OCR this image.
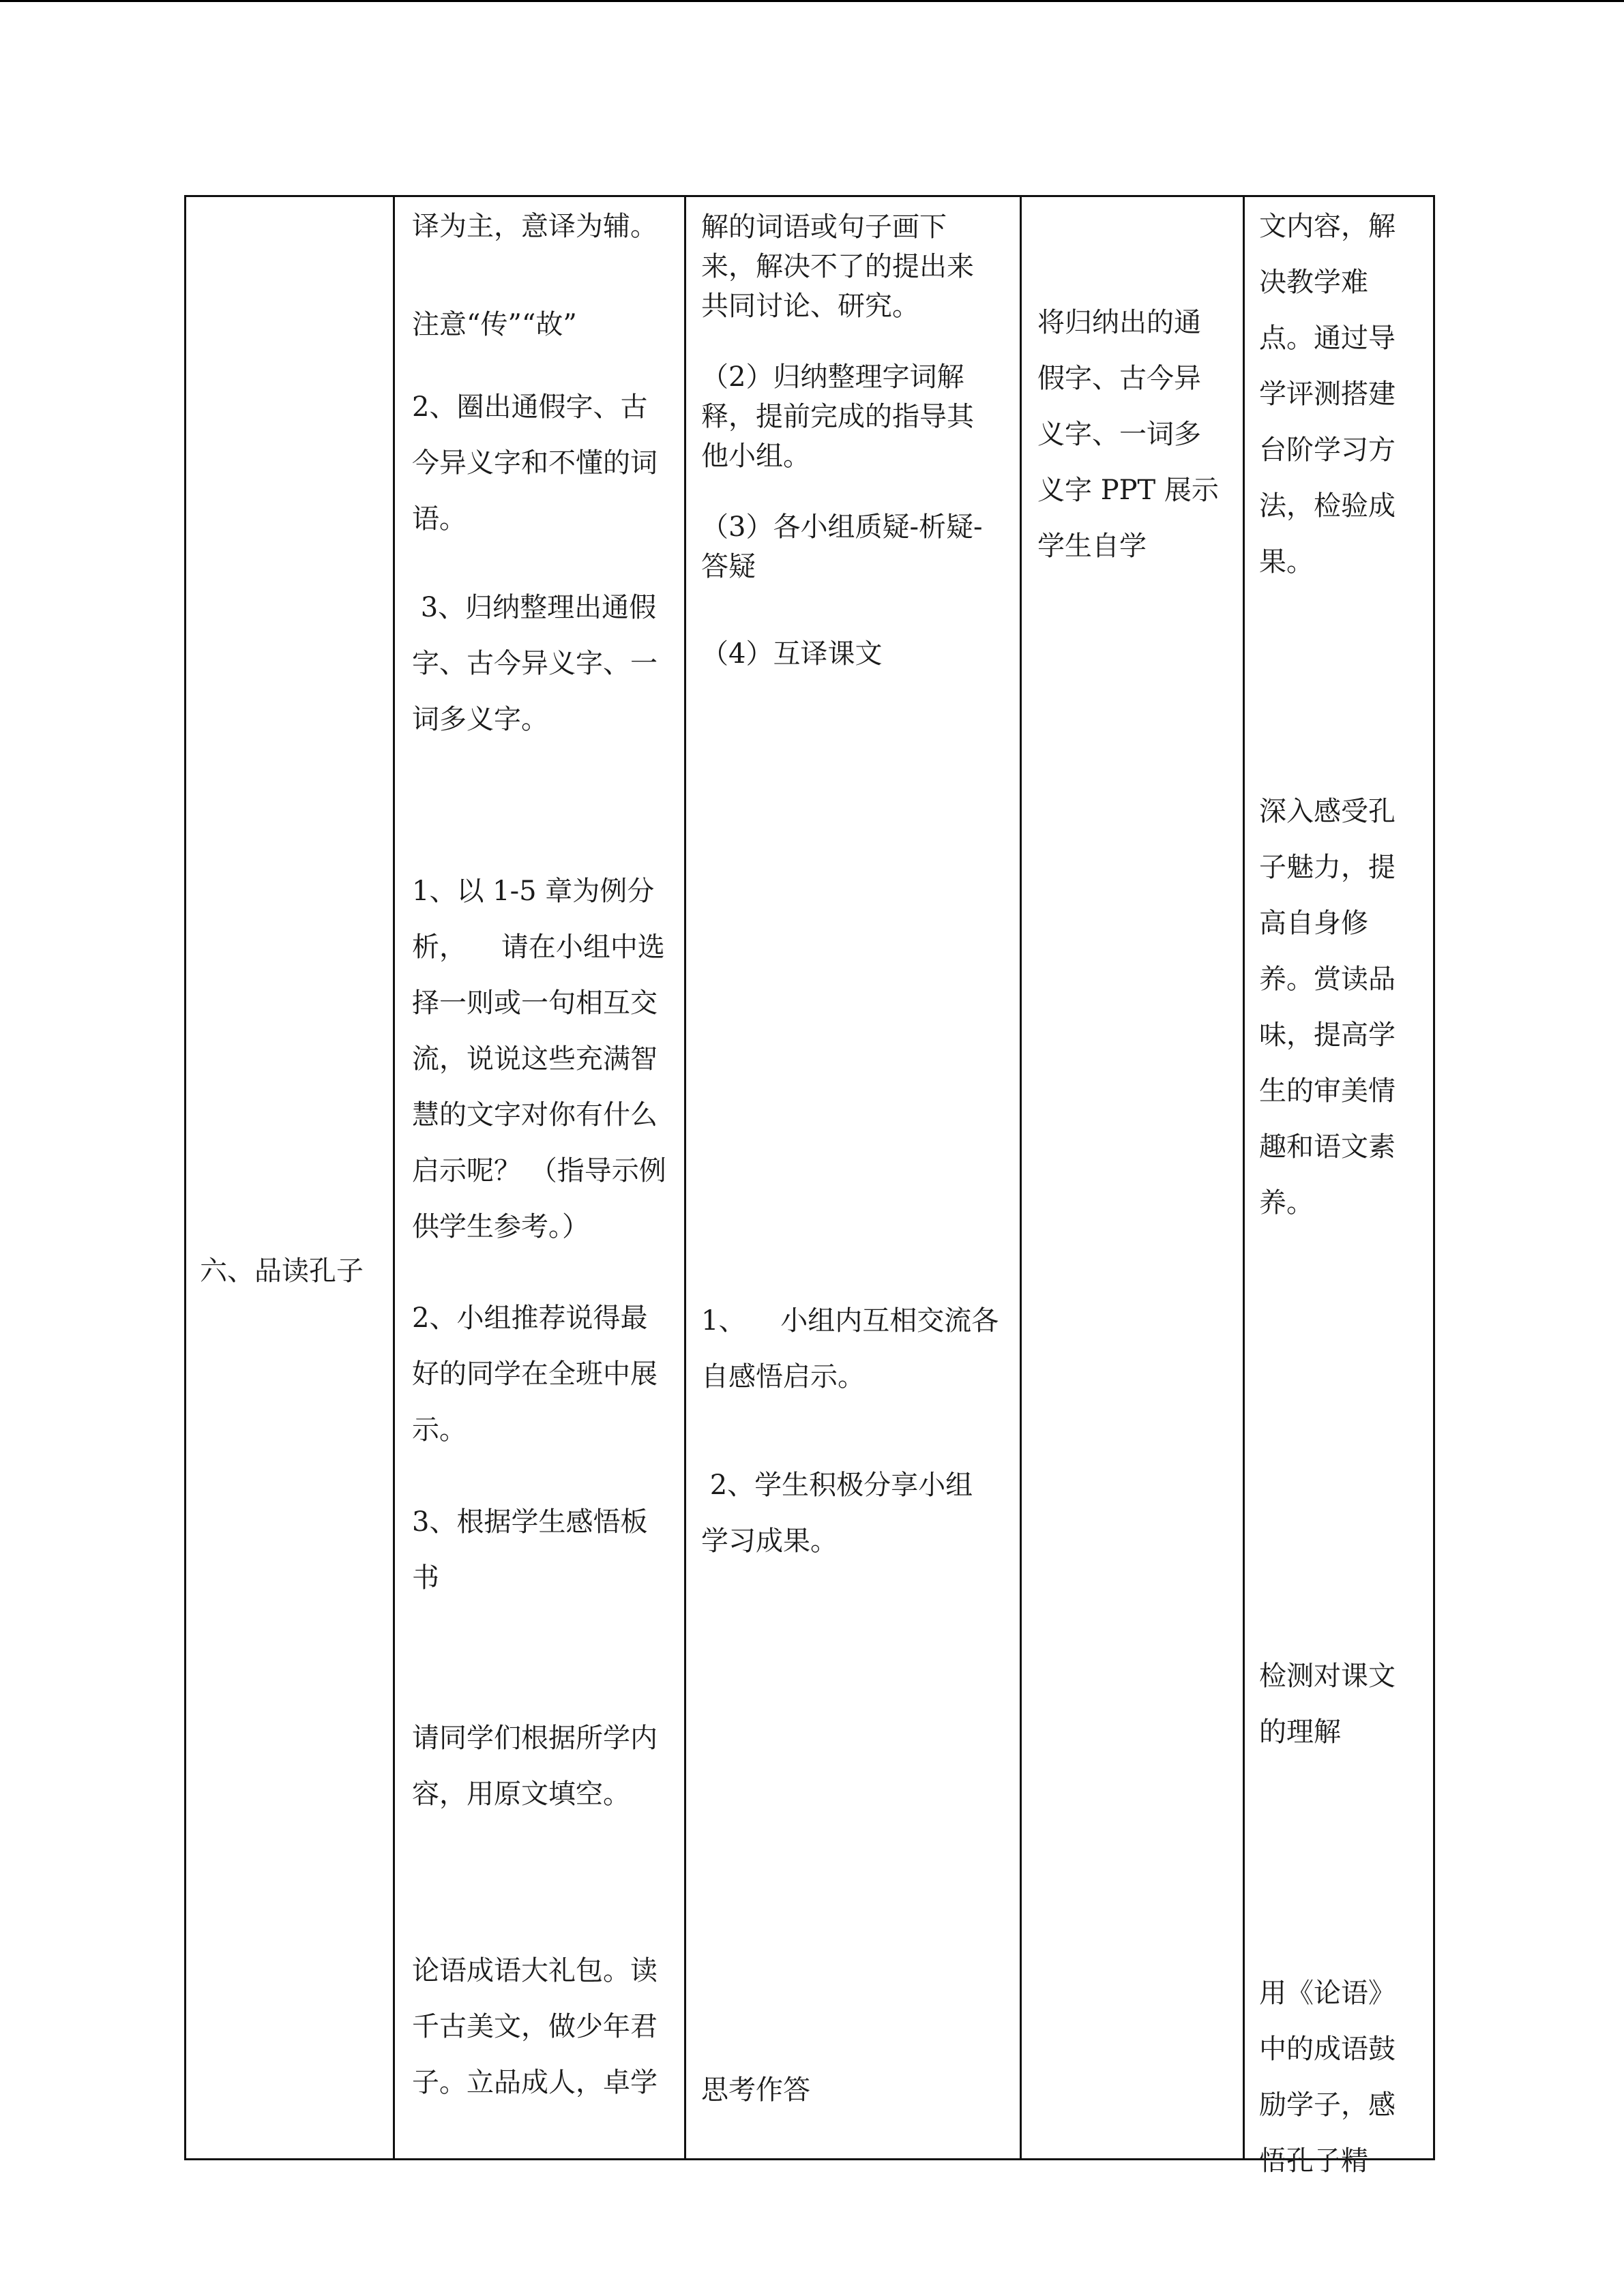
六、品读孔子
译为主，意译为辅。
注意“传”“故”
2、圈出通假字、古
今异义字和不懂的词
语。
3、归纳整理出通假
字、古今异义字、一
词多义字。
1、以 1-5 章为例分
析，    请在小组中选
择一则或一句相互交
流，说说这些充满智
慧的文字对你有什么
启示呢？ （指导示例
供学生参考。）
2、小组推荐说得最
好的同学在全班中展
示。
3、根据学生感悟板
书
请同学们根据所学内
容，用原文填空。
论语成语大礼包。读
千古美文，做少年君
子。立品成人，卓学
解的词语或句子画下
来，解决不了的提出来
共同讨论、研究。
（2）归纳整理字词解
释，提前完成的指导其
他小组。
（3）各小组质疑-析疑-
答疑
（4）互译课文
1、    小组内互相交流各
自感悟启示。
2、学生积极分享小组
学习成果。
思考作答
将归纳出的通
假字、古今异
义字、一词多
义字 PPT 展示
学生自学
文内容，解
决教学难
点。通过导
学评测搭建
台阶学习方
法，检验成
果。
深入感受孔
子魅力，提
高自身修
养。赏读品
味，提高学
生的审美情
趣和语文素
养。
检测对课文
的理解
用《论语》
中的成语鼓
励学子，感
悟孔子精
